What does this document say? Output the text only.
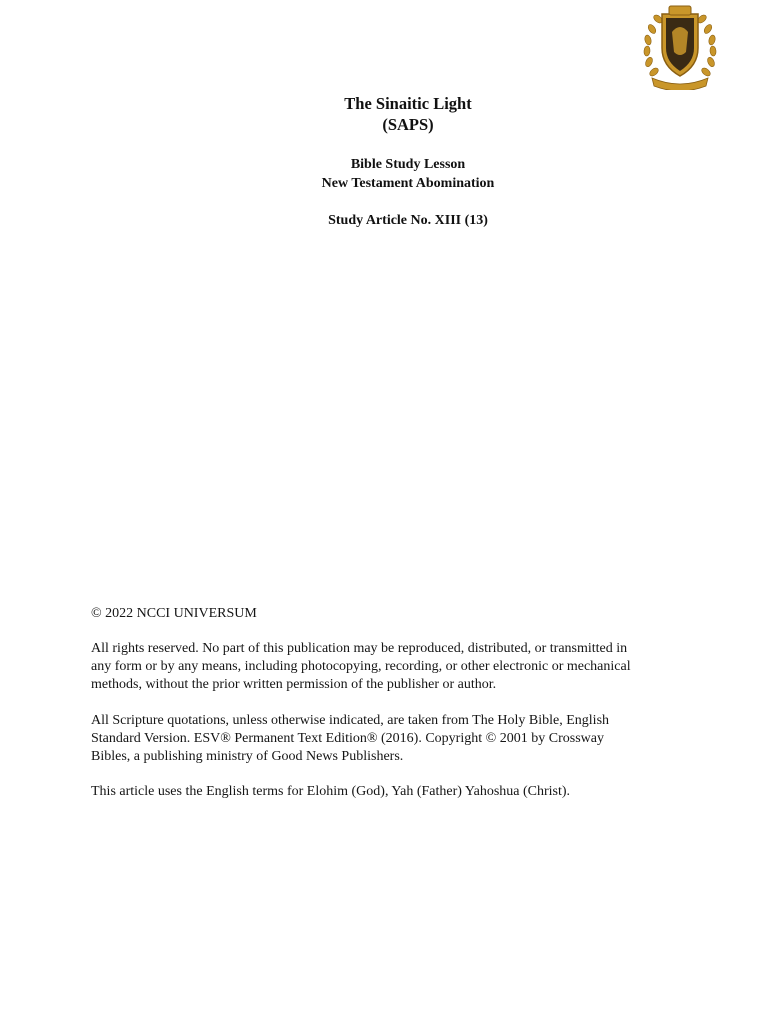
The Sinaitic Light
(SAPS)
Bible Study Lesson
New Testament Abomination
Study Article No. XIII (13)
© 2022 NCCI UNIVERSUM
All rights reserved. No part of this publication may be reproduced, distributed, or transmitted in
any form or by any means, including photocopying, recording, or other electronic or mechanical
methods, without the prior written permission of the publisher or author.
All Scripture quotations, unless otherwise indicated, are taken from The Holy Bible, English
Standard Version. ESV® Permanent Text Edition® (2016). Copyright © 2001 by Crossway
Bibles, a publishing ministry of Good News Publishers.
This article uses the English terms for Elohim (God), Yah (Father) Yahoshua (Christ).
